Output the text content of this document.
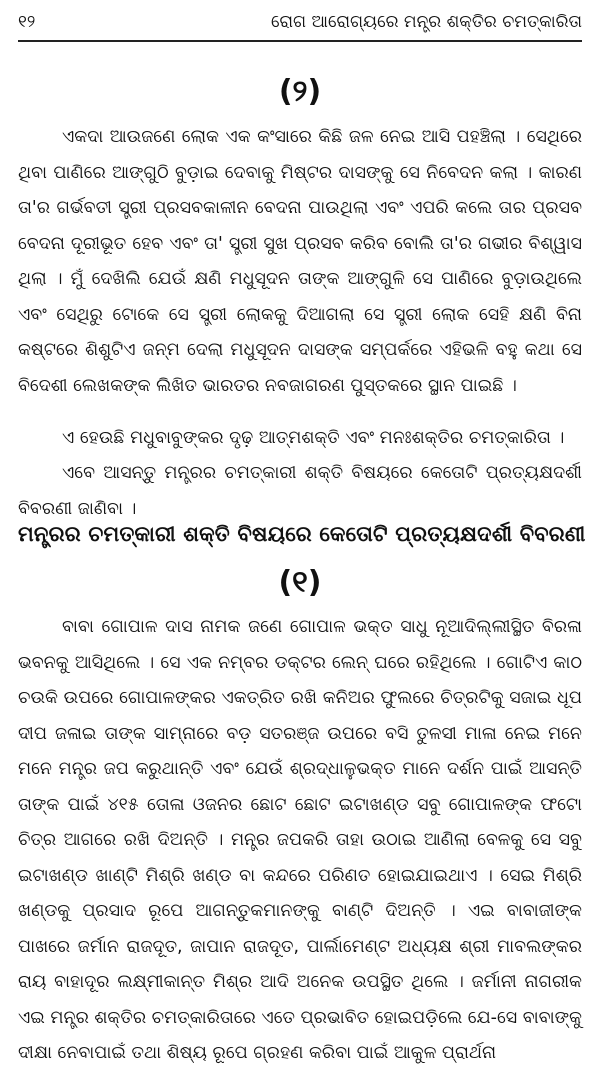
୧୨	ରୋଗ ଆରୋଗ୍ୟରେ ମନ୍ତ୍ର ଶକ୍ତିର ଚମତ୍କାରିତା
(୨)

ଏକଦା ଆଉଜଣେ ଲୋକ ଏକ କଂସାରେ କିଛି ଜଳ ନେଇ ଆସି ପହଞ୍ଚିଲା । ସେଥିରେ ଥିବା ପାଣିରେ ଆଙ୍ଗୁଠି ବୁଡ଼ାଇ ଦେବାକୁ ମିଷ୍ଟର ଦାସଙ୍କୁ ସେ ନିବେଦନ କଲା । କାରଣ ତା'ର ଗର୍ଭବତୀ ସ୍ତ୍ରୀ ପ୍ରସବକାଳୀନ ବେଦନା ପାଉଥିଲା ଏବଂ ଏପରି କଲେ ତାର ପ୍ରସବ ବେଦନା ଦୂରୀଭୂତ ହେବ ଏବଂ ତା' ସ୍ତ୍ରୀ ସୁଖ ପ୍ରସବ କରିବ ବୋଲି ତା'ର ଗଭୀର ବିଶ୍ୱାସ ଥିଲା । ମୁଁ ଦେଖିଲି ଯେଉଁ କ୍ଷଣି ମଧୁସୂଦନ ତାଙ୍କ ଆଙ୍ଗୁଳି ସେ ପାଣିରେ ବୁଡ଼ାଉଥିଲେ ଏବଂ ସେଥିରୁ ଟୋକେ ସେ ସ୍ତ୍ରୀ ଲୋକକୁ ଦିଆଗଲା ସେ ସ୍ତ୍ରୀ ଲୋକ ସେହି କ୍ଷଣି ବିନା କଷ୍ଟରେ ଶିଶୁଟିଏ ଜନ୍ମ ଦେଲା ମଧୁସୂଦନ ଦାସଙ୍କ ସମ୍ପର୍କରେ ଏହିଭଳି ବହୁ କଥା ସେ ବିଦେଶୀ ଲେଖକଙ୍କ ଲିଖିତ ଭାରତର ନବଜାଗରଣ ପୁସ୍ତକରେ ସ୍ଥାନ ପାଇଛି ।

ଏ ହେଉଛି ମଧୁବାବୁଙ୍କର ଦୃଢ଼ ଆତ୍ମଶକ୍ତି ଏବଂ ମନଃଶକ୍ତିର ଚମତ୍କାରିତା ।

ଏବେ ଆସନ୍ତୁ ମନ୍ତ୍ରର ଚମତ୍କାରୀ ଶକ୍ତି ବିଷୟରେ କେତୋଟି ପ୍ରତ୍ୟକ୍ଷଦର୍ଶୀ ବିବରଣୀ ଜାଣିବା ।

ମନ୍ତ୍ରର ଚମତ୍କାରୀ ଶକ୍ତି ବିଷୟରେ କେତୋଟି ପ୍ରତ୍ୟକ୍ଷଦର୍ଶୀ ବିବରଣୀ
(୧)

ବାବା ଗୋପାଳ ଦାସ ନାମକ ଜଣେ ଗୋପାଳ ଭକ୍ତ ସାଧୁ ନୂଆଦିଲ୍ଲୀସ୍ଥିତ ବିରଳା ଭବନକୁ ଆସିଥିଲେ । ସେ ଏକ ନମ୍ବର ଡକ୍ଟର ଲେନ୍ ଘରେ ରହିଥିଲେ । ଗୋଟିଏ କାଠ ଚଉକି ଉପରେ ଗୋପାଳଙ୍କର ଏକତ୍ରିତ ରଖି କନିଅର ଫୁଲରେ ଚିତ୍ରଟିକୁ ସଜାଇ ଧୂପ ଦୀପ ଜଳାଇ ତାଙ୍କ ସାମ୍ନାରେ ବଡ଼ ସତରଞ୍ଜ ଉପରେ ବସି ତୁଳସୀ ମାଳା ନେଇ ମନେ ମନେ ମନ୍ତ୍ର ଜପ କରୁଥାନ୍ତି ଏବଂ ଯେଉଁ ଶ୍ରଦ୍ଧାଳୁଭକ୍ତ ମାନେ ଦର୍ଶନ ପାଇଁ ଆସନ୍ତି ତାଙ୍କ ପାଇଁ ୪୧୫ ତୋଳା ଓଜନର ଛୋଟ ଛୋଟ ଇଟାଖଣ୍ଡ ସବୁ ଗୋପାଳଙ୍କ ଫଟୋ ଚିତ୍ର ଆଗରେ ରଖି ଦିଅନ୍ତି । ମନ୍ତ୍ର ଜପକରି ତାହା ଉଠାଇ ଆଣିଲା ବେଳକୁ ସେ ସବୁ ଇଟାଖଣ୍ଡ ଖାଣ୍ଟି ମିଶ୍ରି ଖଣ୍ଡ ବା କନ୍ଦରେ ପରିଣତ ହୋଇଯାଇଥାଏ । ସେଇ ମିଶ୍ରି ଖଣ୍ଡକୁ ପ୍ରସାଦ ରୂପେ ଆଗନ୍ତୁକମାନଙ୍କୁ ବାଣ୍ଟି ଦିଅନ୍ତି । ଏଇ ବାବାଜୀଙ୍କ ପାଖରେ ଜର୍ମାନ ରାଜଦୂତ, ଜାପାନ ରାଜଦୂତ, ପାର୍ଲାମେଣ୍ଟ ଅଧ୍ୟକ୍ଷ ଶ୍ରୀ ମାବଲଙ୍କର ରାୟ ବାହାଦୂର ଲକ୍ଷ୍ମୀକାନ୍ତ ମିଶ୍ର ଆଦି ଅନେକ ଉପସ୍ଥିତ ଥିଲେ । ଜର୍ମାନୀ ନାଗରୀକ ଏଇ ମନ୍ତ୍ର ଶକ୍ତିର ଚମତ୍କାରିତାରେ ଏତେ ପ୍ରଭାବିତ ହୋଇପଡ଼ିଲେ ଯେ-ସେ ବାବାଙ୍କୁ ଦୀକ୍ଷା ନେବାପାଇଁ ତଥା ଶିଷ୍ୟ ରୂପେ ଗ୍ରହଣ କରିବା ପାଇଁ ଆକୁଳ ପ୍ରାର୍ଥନା
